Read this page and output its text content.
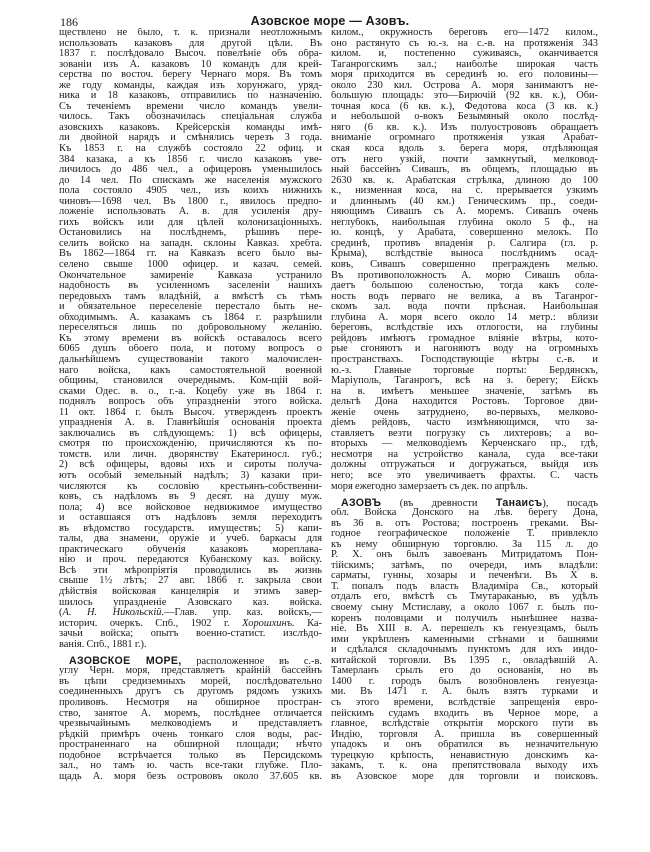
186	Азовское море — Азовъ.
ществлено не было, т. к. признали неотложнымъ
использовать казаковъ для другой цѣли. Въ
1837 г. послѣдовало Высоч. повелѣніе объ обра-
зованіи изъ А. казаковъ 10 командъ для крей-
серства по восточ. берегу Чернаго моря. Въ томъ
же году команды, каждая изъ хорунжаго, уряд-
ника и 18 казаковъ, отправились по назначенію.
Съ теченіемъ времени число командъ увели-
чилось. Такъ обозначилась спеціальная служба
азовскихъ казаковъ. Крейсерскія команды имѣ-
ли двойной нарядъ и смѣнялись черезъ 3 года.
Къ 1853 г. на службѣ состояло 22 офиц. и
384 казака, а къ 1856 г. число казаковъ уве-
личилось до 486 чел., а офицеровъ уменьшилось
до 14 чел. По спискамъ же населенія мужского
пола состояло 4905 чел., изъ коихъ нижнихъ
чиновъ—1698 чел. Въ 1800 г., явилось предпо-
ложеніе использовать А. в. для усиленія дру-
гихъ войскъ или для цѣлей колонизаціонныхъ.
Остановились на послѣднемъ, рѣшивъ пере-
селить войско на западн. склоны Кавказ. хребта.
Въ 1862—1864 гг. на Кавказъ всего было вы-
селено свыше 1000 офицер. и казач. семей.
Окончательное замиреніе Кавказа устранило
надобность въ усиленномъ заселеніи нашихъ
передовыхъ тамъ владѣній, а вмѣстѣ съ тѣмъ
и обязательное переселеніе перестало быть не-
обходимымъ. А. казакамъ съ 1864 г. разрѣшили
переселяться лишь по добровольному желанію.
Къ этому времени въ войскѣ оставалось всего
6065 душъ обоего пола, и потому вопросъ о
дальнѣйшемъ существованіи такого малочислен-
наго войска, какъ самостоятельной военной
общины, становился очереднымъ. Ком-щій вой-
сками Одес. в. о., г.-а. Коцебу уже въ 1864 г.
поднялъ вопросъ объ упраздненіи этого войска.
11 окт. 1864 г. былъ Высоч. утвержденъ проектъ
упраздненія А. в. Главнѣйшія основанія проекта
заключались въ слѣдующемъ: 1) всѣ офицеры,
смотря по происхожденію, причисляются къ по-
томств. или личн. дворянству Екатериносл. губ.;
2) всѣ офицеры, вдовы ихъ и сироты получа-
ютъ особый земельный надѣлъ; 3) казаки при-
числяются къ сословію крестьянъ-собственни-
ковъ, съ надѣломъ въ 9 десят. на душу муж.
пола; 4) все войсковое недвижимое имущество
и оставшаяся отъ надѣловъ земля переходитъ
въ вѣдомство государств. имуществъ; 5) капи-
талы, два знамени, оружіе и учеб. баркасы для
практическаго обученія казаковъ мореплава-
нію и проч. передаются Кубанскому каз. войску.
Всѣ эти мѣропріятія проводились въ жизнь
свыше 1½ лѣтъ; 27 авг. 1866 г. закрыла свои
дѣйствія войсковая канцелярія и этимъ завер-
шилось упраздненіе Азовскаго каз. войска.
(А. Н. Никольскій.—Глав. упр. каз. войскъ,—
историч. очеркъ. Спб., 1902 г. Хорошхинъ. Ка-
зачьи войска; опытъ военно-статист. изслѣдо-
ванія. Спб., 1881 г.).
АЗОВСКОЕ МОРЕ, расположенное въ с.-в.
углу Черн. моря, представляетъ крайній бассейнъ
въ цѣпи средиземныхъ морей, послѣдовательно
соединенныхъ другъ съ другомъ рядомъ узкихъ
проливовъ. Несмотря на обширное простран-
ство, занятое А. моремъ, послѣднее отличается
чрезвычайнымъ мелководіемъ и представляетъ
рѣдкій примѣръ очень тонкаго слоя воды, рас-
пространеннаго на обширной площади; нѣчто
подобное встрѣчается только въ Персидскомъ
зал., но тамъ ю. часть все-таки глубже. Пло-
щадь А. моря безъ острововъ около 37.605 кв.
килом., окружность береговъ его—1472 килом.,
оно растянуто съ ю.-з. на с.-в. на протяженія 343
килом. и, постепенно суживаясь, оканчивается
Таганрогскимъ зал.; наиболѣе широкая часть
моря приходится въ серединѣ ю. его половины—
около 230 кил. Острова А. моря занимаютъ не-
большую площадь: это—Бирючій (92 кв. к.), Оби-
точная коса (6 кв. к.), Федотова коса (3 кв. к.)
и небольшой о-вокъ Безымяный около послѣд-
няго (6 кв. к.). Изъ полуострововъ обращаетъ
вниманіе огромнаго протяженія узкая Арабат-
ская коса вдоль з. берега моря, отдѣляющая
отъ него узкій, почти замкнутый, мелковод-
ный бассейнъ Сивашъ, въ общемъ, площадью въ
2630 кв. к. Арабатская стрѣлка, длиною до 100
к., низменная коса, на с. прерывается узкимъ
и длиннымъ (40 км.) Геническимъ пр., соеди-
няющимъ Сивашъ съ А. моремъ. Сивашъ очень
неглубокъ, наибольшая глубина около 5 ф., на
ю. концѣ, у Арабата, совершенно мелокъ. По
срединѣ, противъ впаденія р. Салгира (гл. р.
Крыма), вслѣдствіе выноса послѣднимъ осад-
ковъ, Сивашъ совершенно прегражденъ мелью.
Въ противоположность А. морю Сивашъ обла-
даетъ большою соленостью, тогда какъ соле-
ность водъ перваго не велика, а въ Таганрог-
скомъ зал. вода почти прѣсная. Наибольшая
глубина А. моря всего около 14 метр.: вблизи
береговъ, вслѣдствіе ихъ отлогости, на глубины
рейдовъ имѣютъ громадное вліяніе вѣтры, кото-
рые сгоняютъ и нагоняютъ воду на огромныхъ
пространствахъ. Господствующіе вѣтры с.-в. и
ю.-з. Главные торговые порты: Бердянскъ,
Маріуполь, Таганрогъ, всѣ на з. берегу; Ейскъ
на в. имѣетъ меньшее значеніе, затѣмъ въ
дельтѣ Дона находится Ростовъ. Торговое дви-
женіе очень затруднено, во-первыхъ, мелково-
діемъ рейдовъ, часто измѣняющимся, что за-
ставляетъ везти погрузку съ лихтеровъ; а во-
вторыхъ — мелководіемъ Керченскаго пр., гдѣ,
несмотря на устройство канала, суда все-таки
должны отгружаться и догружаться, выйдя изъ
него; все это увеличиваетъ фрахты. С. часть
моря ежегодно замерзаетъ съ дек. по апрѣль.
АЗОВЪ (въ древности Танаисъ), посадъ
обл. Войска Донского на лѣв. берегу Дона,
въ 36 в. отъ Ростова; построенъ греками. Вы-
годное географическое положеніе Т. привлекло
къ нему обширную торговлю. За 115 л. до
Р. Х. онъ былъ завоеванъ Митридатомъ Пон-
тійскимъ; затѣмъ, по очереди, имъ владѣли:
сарматы, гунны, хозары и печенѣги. Въ X в.
Т. попалъ подъ власть Владиміра Св., который
отдалъ его, вмѣстѣ съ Тмутараканью, въ удѣлъ
своему сыну Мстиславу, а около 1067 г. былъ по-
коренъ половцами и получилъ нынѣшнее назва-
ніе. Въ XIII в. А. перешелъ къ генуезцамъ, былъ
ими укрѣпленъ каменными стѣнами и башнями
и сдѣлался складочнымъ пунктомъ для ихъ индо-
китайской торговли. Въ 1395 г., овладѣвшій А.
Тамерланъ срылъ его до основанія, но въ
1400 г. городъ былъ возобновленъ генуезца-
ми. Въ 1471 г. А. былъ взятъ турками и
съ этого времени, вслѣдствіе запрещенія евро-
пейскимъ судамъ входить въ Черное море, а
главное, вслѣдствіе открытія морского пути въ
Индію, торговля А. пришла въ совершенный
упадокъ и онъ обратился въ незначительную
турецкую крѣпость, ненавистную донскимъ ка-
закамъ, т. к. она препятствовала выходу ихъ
въ Азовское море для торговли и поисковъ.
